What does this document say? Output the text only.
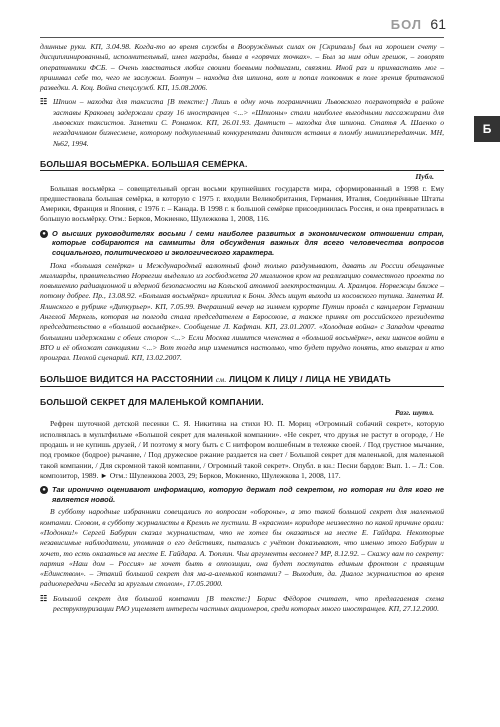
БОЛ 61
Б

длинные руки. КП, 3.04.98. Когда-то во время службы в Вооружённых силах он [Скрипаль] был на хорошем счету – дисциплинированный, исполнительный, имел награды, бывал в «горячих точках». – Был за ним один грешок, – говорят оперативники ФСБ. – Очень хвастаться любил своими боевыми подвигами, связями. Иной раз и прихвастать мог – пришивал себе то, чего не заслужил. Болтун – находка для шпиона, вот и попал полковник в поле зрения британской разведки. А. Коц. Война спецслужб. КП, 15.08.2006.

☷ Шпион – находка для таксиста [В тексте:] Лишь в одну ночь пограничники Львовского погранотряда в районе заставы Краковец задержали сразу 16 иностранцев <...> «Шпионы» стали наиболее выгодными пассажирами для львовских таксистов. Заметки С. Романюк. КП, 26.01.93. Дантист – находка для шпиона. Статья А. Шаенко о незадачливом бизнесмене, которому подкупленный конкурентами дантист вставил в пломбу миниизпередатчик. МН, №62, 1994.

БОЛЬШАЯ ВОСЬМЁРКА. БОЛЬШАЯ СЕМЁРКА.
Публ.

Большая восьмёрка – совещательный орган восьми крупнейших государств мира, сформированный в 1998 г. Ему предшествовала большая семёрка, в которую с 1975 г. входили Великобритания, Германия, Италия, Соединённые Штаты Америки, Франция и Япония, с 1976 г. – Канада. В 1998 г. к большой семёрке присоединилась Россия, и она превратилась в большую восьмёрку. Отм.: Берков, Мокиенко, Шулежкова 1, 2008, 116.

● О высших руководителях восьми / семи наиболее развитых в экономическом отношении стран, которые собираются на саммиты для обсуждения важных для всего человечества вопросов социального, политического и экологического характера.

Пока «большая семёрка» и Международный валютный фонд только раздумывают, давать ли России обещанные миллиарды, правительство Норвегии выделило из госбюджета 20 миллионов крон на реализацию совместного проекта по повышению радиационной и ядерной безопасности на Кольской атомной электростанции. А. Храмцов. Норвежцы ближе – потому добрее. Пр., 13.08.92. «Большая восьмёрка» прилипла к Бонн. Здесь ищут выхода из косовского тупика. Заметка И. Ялинского в рубрике «Дипкурьер». КП, 7.05.99. Вчерашний вечер на зимнем курорте Путин провёл с канцлером Германии Ангелой Меркель, которая на полгода стала председателем в Евросоюзе, а также принял от российского президента председательство в «большой восьмёрке». Сообщение Л. Кафтан. КП, 23.01.2007. «Холодная война» с Западом чревата большими издержками с обеих сторон <...> Если Москва лишится членства в «большой восьмёрке», веки шансов войти в ВТО и её обложат санкциями <...> Вот тогда мир изменится настолько, что будет трудно понять, кто выиграл и кто проиграл. Плохой сценарий. КП, 13.02.2007.

БОЛЬШОЕ ВИДИТСЯ НА РАССТОЯНИИ см. ЛИЦОМ К ЛИЦУ / ЛИЦА НЕ УВИДАТЬ
БОЛЬШОЙ СЕКРЕТ ДЛЯ МАЛЕНЬКОЙ КОМПАНИИ.
Разг. шутл.

Рефрен шуточной детской песенки С. Я. Никитина на стихи Ю. П. Мориц «Огромный собачий секрет», которую исполнялась в мультфильме «Большой секрет для маленькой компании». «Не секрет, что друзья не растут в огороде, / Не продашь и не купишь друзей, / И поэтому я могу быть с С нитфором волшебным в тележке своей. / Под грустное мычание, под громкое (бодрое) рычание, / Под дружеское ржание раздается на свет / Большой секрет для маленькой, для маленькой такой компании, / Для скромной такой компании, / Огромный такой секрет». Опубл. в кн.: Песни бардов: Вып. 1. – Л.: Сов. композитор, 1989. ► Отм.: Шулежкова 2003, 29; Берков, Мокиенко, Шулежкова 1, 2008, 117.

● Так иронично оценивают информацию, которую держат под секретом, но которая ни для кого не является новой.

В субботу народные избранники совещались по вопросам «обороны», а это такой большой секрет для маленькой компании. Словом, в субботу журналисты в Кремль не пустили. В «красном» коридоре неизвестно по какой причине орали: «Подонки!» Сергей Бабурин сказал журналистам, что не хотел бы оказаться на месте Е. Гайдара. Некоторые независимые наблюдатели, упоминая о его действиях, пытались с учётом доказывают, что именно этого Бабурин и хочет, то есть оказаться на месте Е. Гайдара. А. Тюплин. Чьи аргументы весомее? МР, 8.12.92. – Скажу вам по секрету: партия «Наш дом – Россия» не хочет быть в оппозиции, она будет поступать единым фронтом с правящим «Единством». – Этакий большой секрет для ма-а-аленькой компании? – Выходит, да. Диалог журналистов во время радиопередачи «Беседа за круглым столом», 17.05.2000.

☷ Большой секрет для большой компании [В тексте:] Борис Фёдоров считает, что предлагаемая схема реструктуризации РАО ущемляет интересы частных акционеров, среди которых много иностранцев. КП, 27.12.2000.
